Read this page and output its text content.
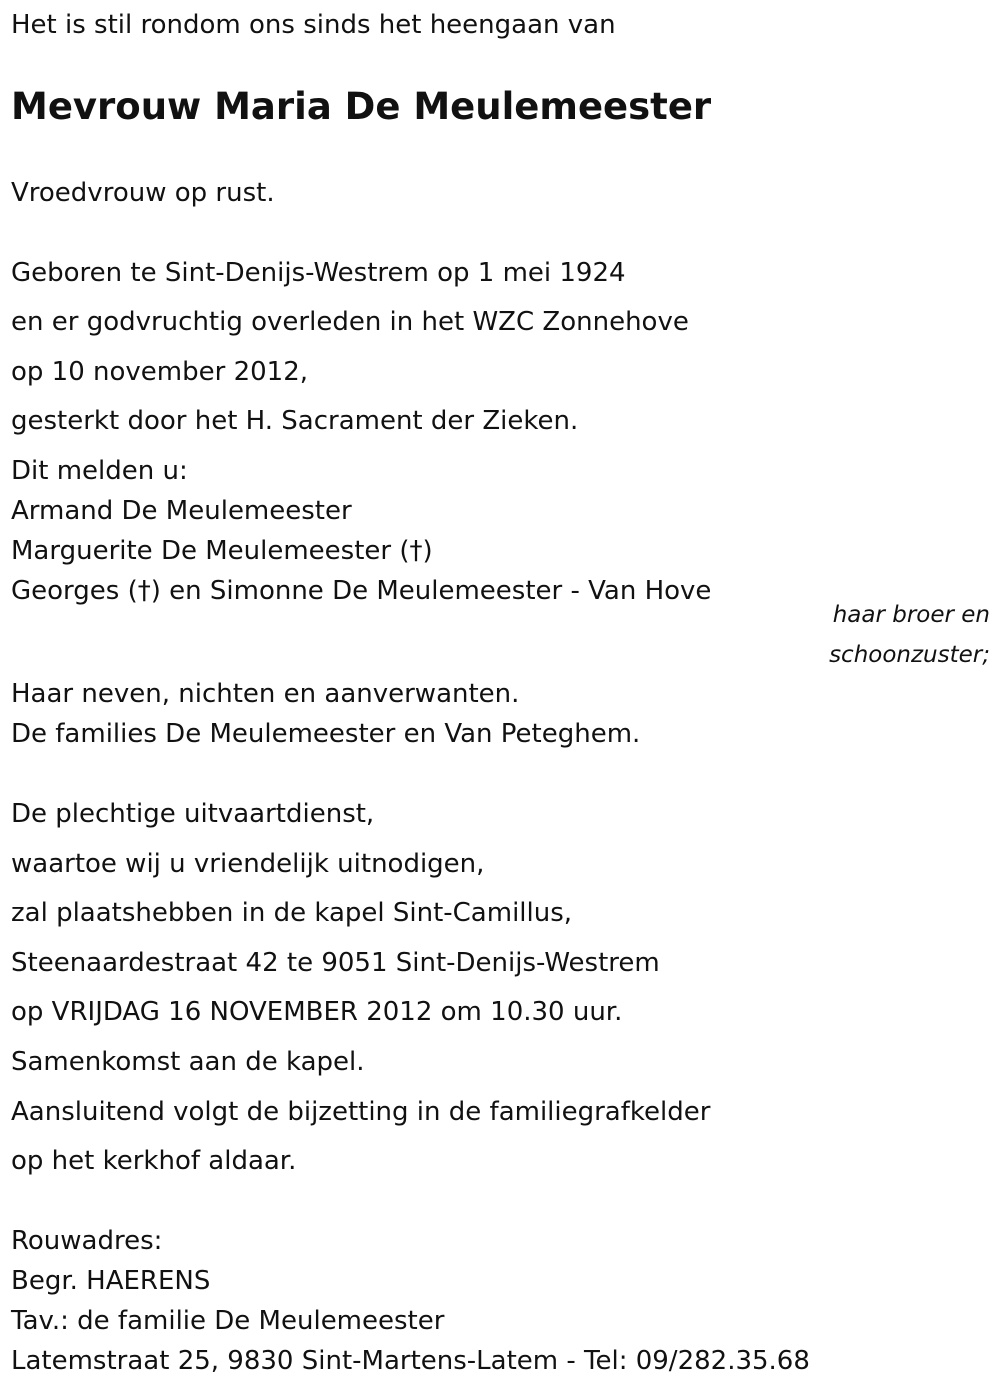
Het is stil rondom ons sinds het heengaan van
Mevrouw Maria De Meulemeester
Vroedvrouw op rust.
Geboren te Sint-Denijs-Westrem op 1 mei 1924
en er godvruchtig overleden in het WZC Zonnehove
op 10 november 2012,
gesterkt door het H. Sacrament der Zieken.
Dit melden u:
Armand De Meulemeester
Marguerite De Meulemeester (†)
Georges (†) en Simonne De Meulemeester - Van Hove
haar broer en
schoonzuster;
Haar neven, nichten en aanverwanten.
De families De Meulemeester en Van Peteghem.
De plechtige uitvaartdienst,
waartoe wij u vriendelijk uitnodigen,
zal plaatshebben in de kapel Sint-Camillus,
Steenaardestraat 42 te 9051 Sint-Denijs-Westrem
op VRIJDAG 16 NOVEMBER 2012 om 10.30 uur.
Samenkomst aan de kapel.
Aansluitend volgt de bijzetting in de familiegrafkelder
op het kerkhof aldaar.
Rouwadres:
Begr. HAERENS
Tav.: de familie De Meulemeester
Latemstraat 25, 9830 Sint-Martens-Latem - Tel: 09/282.35.68
